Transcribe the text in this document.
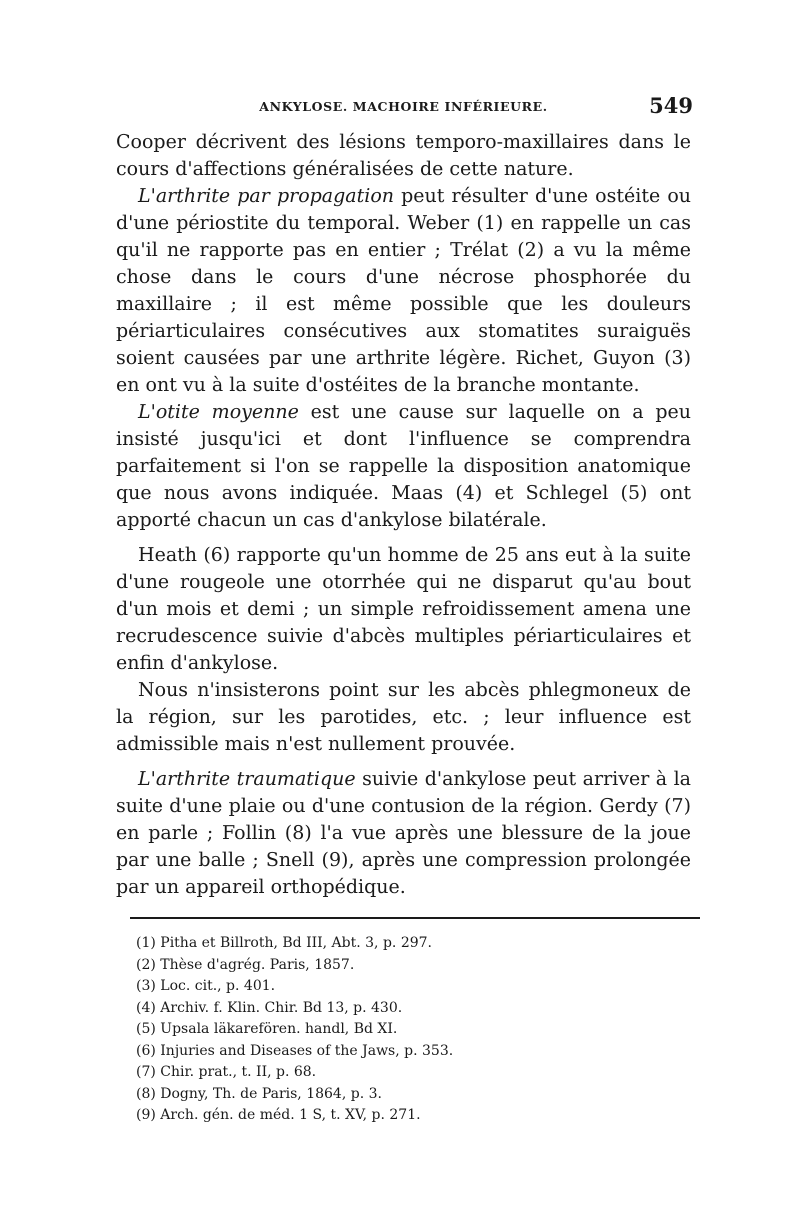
ANKYLOSE. MACHOIRE INFÉRIEURE.	549

Cooper décrivent des lésions temporo-maxillaires dans le cours d'affections généralisées de cette nature.

L'arthrite par propagation peut résulter d'une ostéite ou d'une périostite du temporal. Weber (1) en rappelle un cas qu'il ne rapporte pas en entier ; Trélat (2) a vu la même chose dans le cours d'une nécrose phosphorée du maxillaire ; il est même possible que les douleurs périarticulaires consécutives aux stomatites suraiguës soient causées par une arthrite légère. Richet, Guyon (3) en ont vu à la suite d'ostéites de la branche montante.

L'otite moyenne est une cause sur laquelle on a peu insisté jusqu'ici et dont l'influence se comprendra parfaitement si l'on se rappelle la disposition anatomique que nous avons indiquée. Maas (4) et Schlegel (5) ont apporté chacun un cas d'ankylose bilatérale.

Heath (6) rapporte qu'un homme de 25 ans eut à la suite d'une rougeole une otorrhée qui ne disparut qu'au bout d'un mois et demi ; un simple refroidissement amena une recrudescence suivie d'abcès multiples périarticulaires et enfin d'ankylose.

Nous n'insisterons point sur les abcès phlegmoneux de la région, sur les parotides, etc. ; leur influence est admissible mais n'est nullement prouvée.

L'arthrite traumatique suivie d'ankylose peut arriver à la suite d'une plaie ou d'une contusion de la région. Gerdy (7) en parle ; Follin (8) l'a vue après une blessure de la joue par une balle ; Snell (9), après une compression prolongée par un appareil orthopédique.

(1) Pitha et Billroth, Bd III, Abt. 3, p. 297.
(2) Thèse d'agrég. Paris, 1857.
(3) Loc. cit., p. 401.
(4) Archiv. f. Klin. Chir. Bd 13, p. 430.
(5) Upsala läkarefören. handl, Bd XI.
(6) Injuries and Diseases of the Jaws, p. 353.
(7) Chir. prat., t. II, p. 68.
(8) Dogny, Th. de Paris, 1864, p. 3.
(9) Arch. gén. de méd. 1 S, t. XV, p. 271.
